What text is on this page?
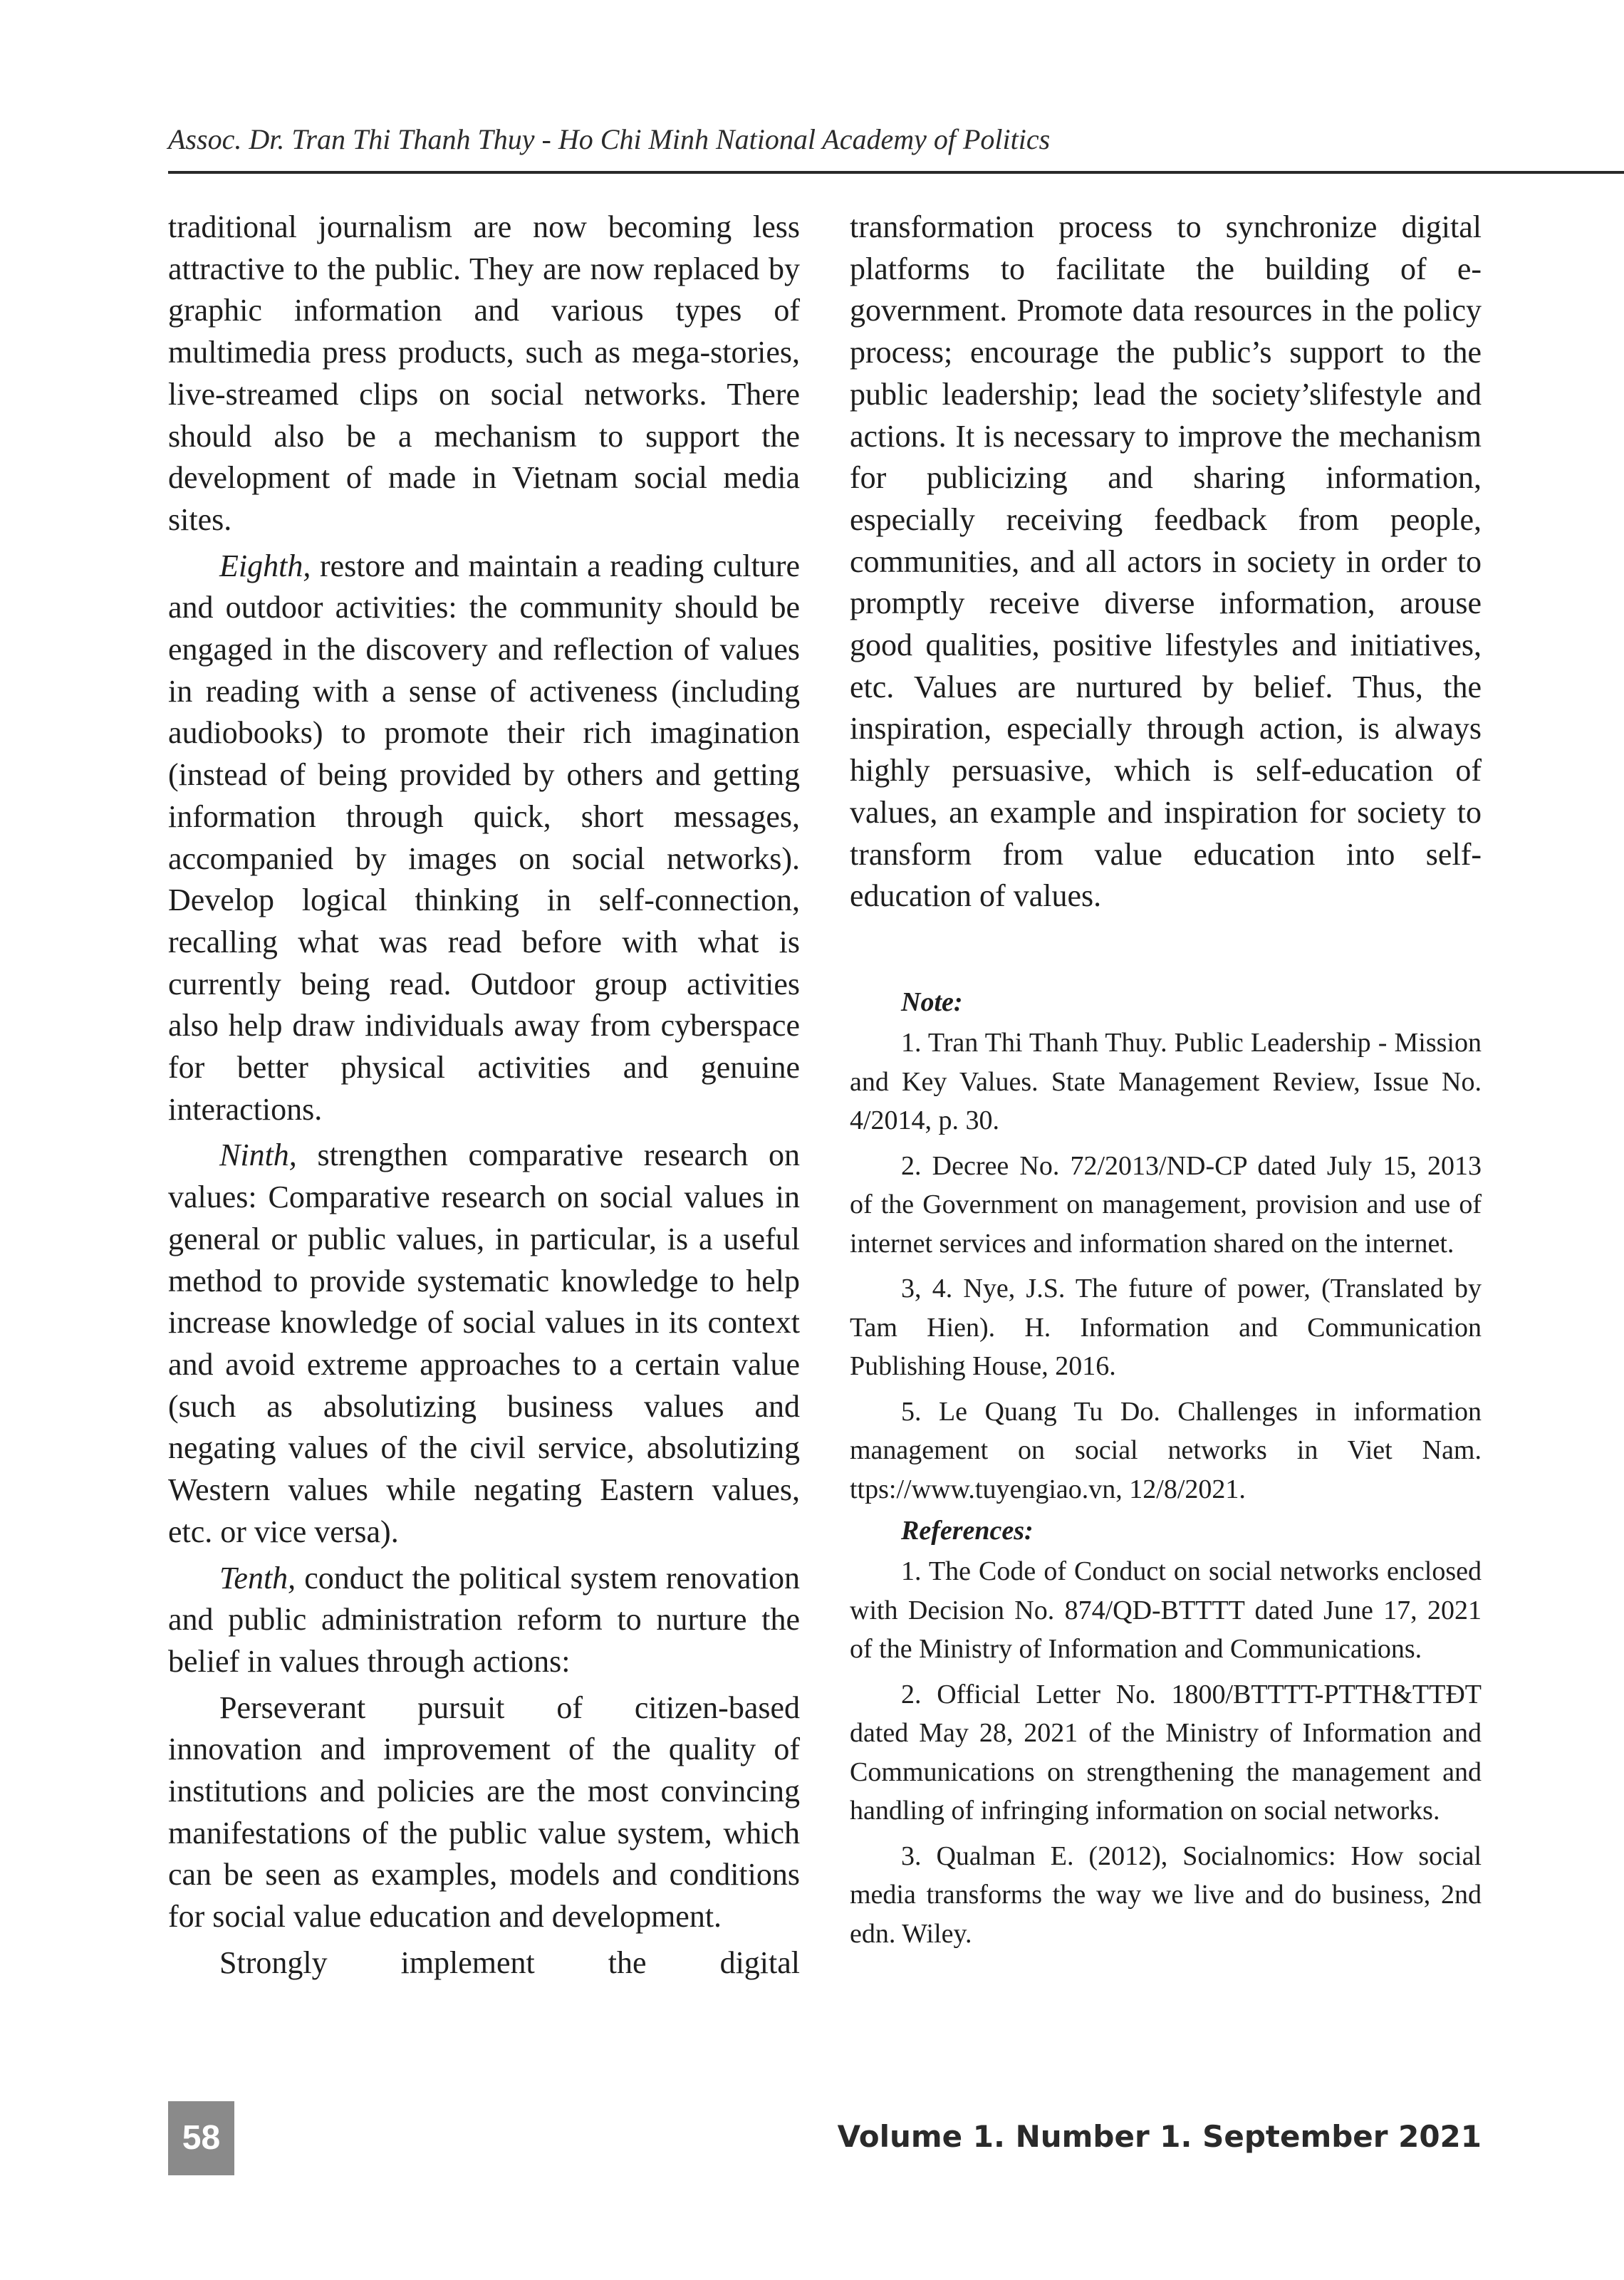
Assoc. Dr. Tran Thi Thanh Thuy - Ho Chi Minh National Academy of Politics

traditional journalism are now becoming less attractive to the public. They are now replaced by graphic information and various types of multimedia press products, such as mega-stories, live-streamed clips on social networks. There should also be a mechanism to support the development of made in Vietnam social media sites.

Eighth, restore and maintain a reading culture and outdoor activities: the community should be engaged in the discovery and reflection of values in reading with a sense of activeness (including audiobooks) to promote their rich imagination (instead of being provided by others and getting information through quick, short messages, accompanied by images on social networks). Develop logical thinking in self-connection, recalling what was read before with what is currently being read. Outdoor group activities also help draw individuals away from cyberspace for better physical activities and genuine interactions.

Ninth, strengthen comparative research on values: Comparative research on social values in general or public values, in particular, is a useful method to provide systematic knowledge to help increase knowledge of social values in its context and avoid extreme approaches to a certain value (such as absolutizing business values and negating values of the civil service, absolutizing Western values while negating Eastern values, etc. or vice versa).

Tenth, conduct the political system renovation and public administration reform to nurture the belief in values through actions:

Perseverant pursuit of citizen-based innovation and improvement of the quality of institutions and policies are the most convincing manifestations of the public value system, which can be seen as examples, models and conditions for social value education and development.

Strongly implement the digital

transformation process to synchronize digital platforms to facilitate the building of e-government. Promote data resources in the policy process; encourage the public’s support to the public leadership; lead the society’slifestyle and actions. It is necessary to improve the mechanism for publicizing and sharing information, especially receiving feedback from people, communities, and all actors in society in order to promptly receive diverse information, arouse good qualities, positive lifestyles and initiatives, etc. Values are nurtured by belief. Thus, the inspiration, especially through action, is always highly persuasive, which is self-education of values, an example and inspiration for society to transform from value education into self-education of values.

Note:

1. Tran Thi Thanh Thuy. Public Leadership - Mission and Key Values. State Management Review, Issue No. 4/2014, p. 30.

2. Decree No. 72/2013/ND-CP dated July 15, 2013 of the Government on management, provision and use of internet services and information shared on the internet.

3, 4. Nye, J.S. The future of power, (Translated by Tam Hien). H. Information and Communication Publishing House, 2016.

5. Le Quang Tu Do. Challenges in information management on social networks in Viet Nam. ttps://www.tuyengiao.vn, 12/8/2021.

References:

1. The Code of Conduct on social networks enclosed with Decision No. 874/QD-BTTTT dated June 17, 2021 of the Ministry of Information and Communications.

2. Official Letter No. 1800/BTTTT-PTTH&TTĐT dated May 28, 2021 of the Ministry of Information and Communications on strengthening the management and handling of infringing information on social networks.

3. Qualman E. (2012), Socialnomics: How social media transforms the way we live and do business, 2nd edn. Wiley.

58	Volume 1. Number 1. September 2021
